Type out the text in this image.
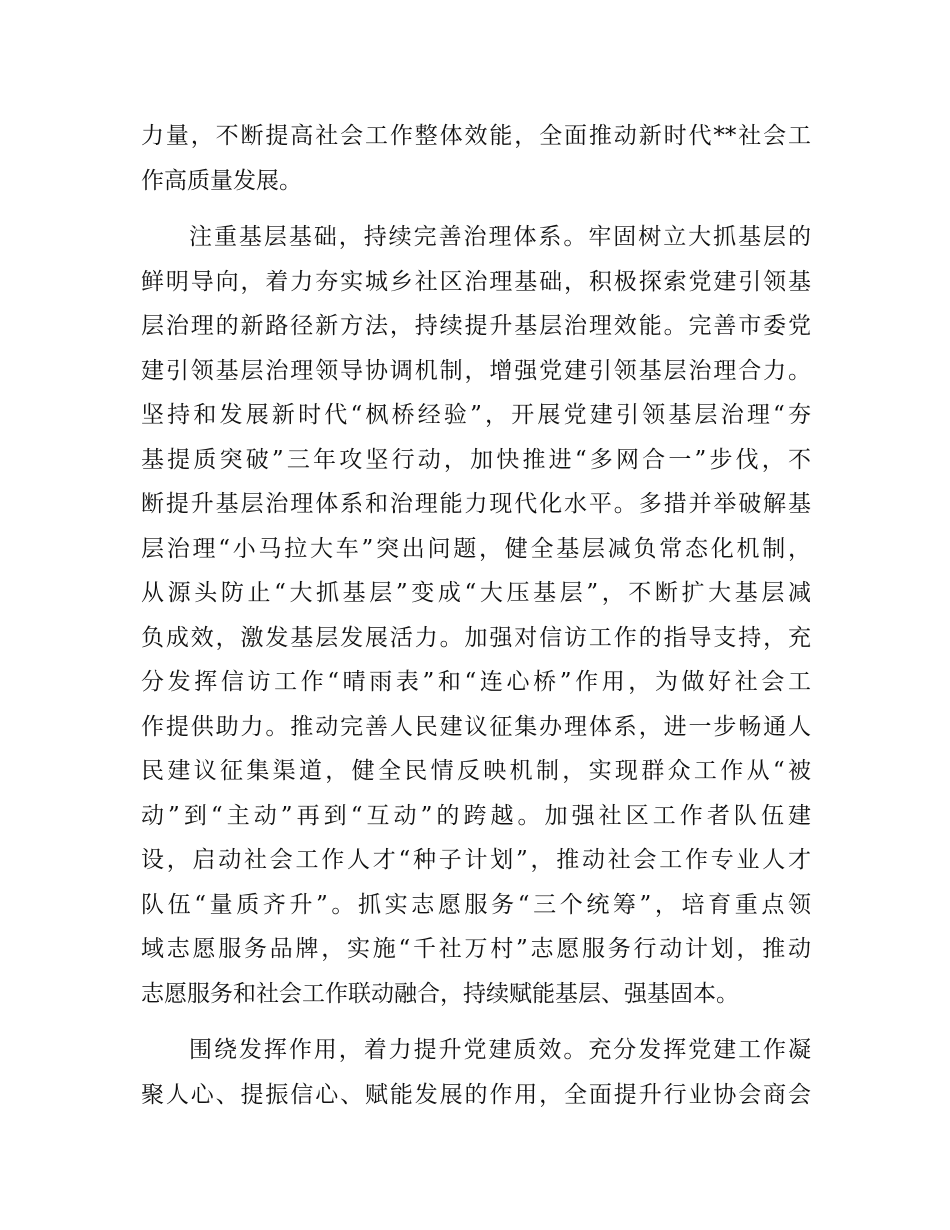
力量，不断提高社会工作整体效能，全面推动新时代**社会工
作高质量发展。
注重基层基础，持续完善治理体系。牢固树立大抓基层的
鲜明导向，着力夯实城乡社区治理基础，积极探索党建引领基
层治理的新路径新方法，持续提升基层治理效能。完善市委党
建引领基层治理领导协调机制，增强党建引领基层治理合力。
坚持和发展新时代“枫桥经验”，开展党建引领基层治理“夯
基提质突破”三年攻坚行动，加快推进“多网合一”步伐，不
断提升基层治理体系和治理能力现代化水平。多措并举破解基
层治理“小马拉大车”突出问题，健全基层减负常态化机制，
从源头防止“大抓基层”变成“大压基层”，不断扩大基层减
负成效，激发基层发展活力。加强对信访工作的指导支持，充
分发挥信访工作“晴雨表”和“连心桥”作用，为做好社会工
作提供助力。推动完善人民建议征集办理体系，进一步畅通人
民建议征集渠道，健全民情反映机制，实现群众工作从“被
动”到“主动”再到“互动”的跨越。加强社区工作者队伍建
设，启动社会工作人才“种子计划”，推动社会工作专业人才
队伍“量质齐升”。抓实志愿服务“三个统筹”，培育重点领
域志愿服务品牌，实施“千社万村”志愿服务行动计划，推动
志愿服务和社会工作联动融合，持续赋能基层、强基固本。
围绕发挥作用，着力提升党建质效。充分发挥党建工作凝
聚人心、提振信心、赋能发展的作用，全面提升行业协会商会
